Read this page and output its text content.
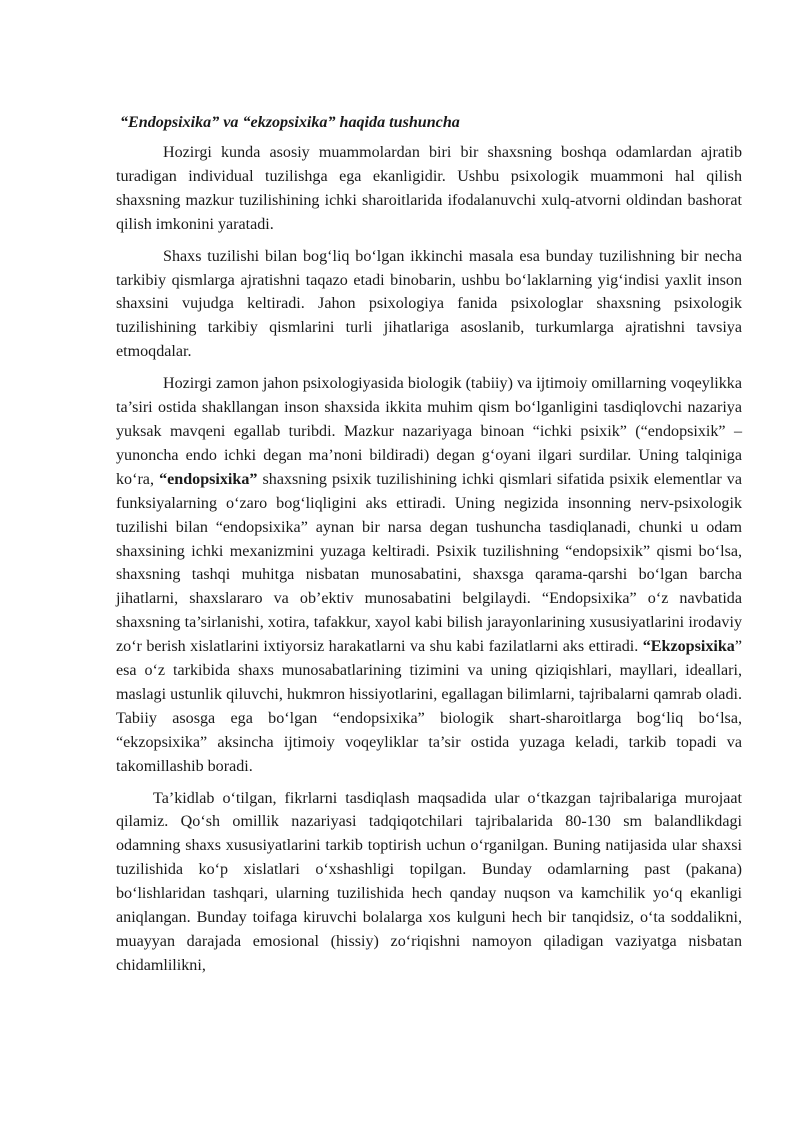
“Endopsixika” va “ekzopsixika” haqida tushuncha

Hozirgi kunda asosiy muammolardan biri bir shaxsning boshqa odamlardan ajratib turadigan individual tuzilishga ega ekanligidir. Ushbu psixologik muammoni hal qilish shaxsning mazkur tuzilishining ichki sharoitlarida ifodalanuvchi xulq-atvorni oldindan bashorat qilish imkonini yaratadi.

Shaxs tuzilishi bilan bog‘liq bo‘lgan ikkinchi masala esa bunday tuzilishning bir necha tarkibiy qismlarga ajratishni taqazo etadi binobarin, ushbu bo‘laklarning yig‘indisi yaxlit inson shaxsini vujudga keltiradi. Jahon psixologiya fanida psixologlar shaxsning psixologik tuzilishining tarkibiy qismlarini turli jihatlariga asoslanib, turkumlarga ajratishni tavsiya etmoqdalar.

Hozirgi zamon jahon psixologiyasida biologik (tabiiy) va ijtimoiy omillarning voqeylikka ta’siri ostida shakllangan inson shaxsida ikkita muhim qism bo‘lganligini tasdiqlovchi nazariya yuksak mavqeni egallab turibdi. Mazkur nazariyaga binoan “ichki psixik” (“endopsixik” – yunoncha endo ichki degan ma’noni bildiradi) degan g‘oyani ilgari surdilar. Uning talqiniga ko‘ra, “endopsixika” shaxsning psixik tuzilishining ichki qismlari sifatida psixik elementlar va funksiyalarning o‘zaro bog‘liqligini aks ettiradi. Uning negizida insonning nerv-psixologik tuzilishi bilan “endopsixika” aynan bir narsa degan tushuncha tasdiqlanadi, chunki u odam shaxsining ichki mexanizmini yuzaga keltiradi. Psixik tuzilishning “endopsixik” qismi bo‘lsa, shaxsning tashqi muhitga nisbatan munosabatini, shaxsga qarama-qarshi bo‘lgan barcha jihatlarni, shaxslararo va ob’ektiv munosabatini belgilaydi. “Endopsixika” o‘z navbatida shaxsning ta’sirlanishi, xotira, tafakkur, xayol kabi bilish jarayonlarining xususiyatlarini irodaviy zo‘r berish xislatlarini ixtiyorsiz harakatlarni va shu kabi fazilatlarni aks ettiradi. “Ekzopsixika” esa o‘z tarkibida shaxs munosabatlarining tizimini va uning qiziqishlari, mayllari, ideallari, maslagi ustunlik qiluvchi, hukmron hissiyotlarini, egallagan bilimlarni, tajribalarni qamrab oladi. Tabiiy asosga ega bo‘lgan “endopsixika” biologik shart-sharoitlarga bog‘liq bo‘lsa, “ekzopsixika” aksincha ijtimoiy voqeyliklar ta’sir ostida yuzaga keladi, tarkib topadi va takomillashib boradi.

Ta’kidlab o‘tilgan, fikrlarni tasdiqlash maqsadida ular o‘tkazgan tajribalariga murojaat qilamiz. Qo‘sh omillik nazariyasi tadqiqotchilari tajribalarida 80-130 sm balandlikdagi odamning shaxs xususiyatlarini tarkib toptirish uchun o‘rganilgan. Buning natijasida ular shaxsi tuzilishida ko‘p xislatlari o‘xshashligi topilgan. Bunday odamlarning past (pakana) bo‘lishlaridan tashqari, ularning tuzilishida hech qanday nuqson va kamchilik yo‘q ekanligi aniqlangan. Bunday toifaga kiruvchi bolalarga xos kulguni hech bir tanqidsiz, o‘ta soddalikni, muayyan darajada emosional (hissiy) zo‘riqishni namoyon qiladigan vaziyatga nisbatan chidamlilikni,
